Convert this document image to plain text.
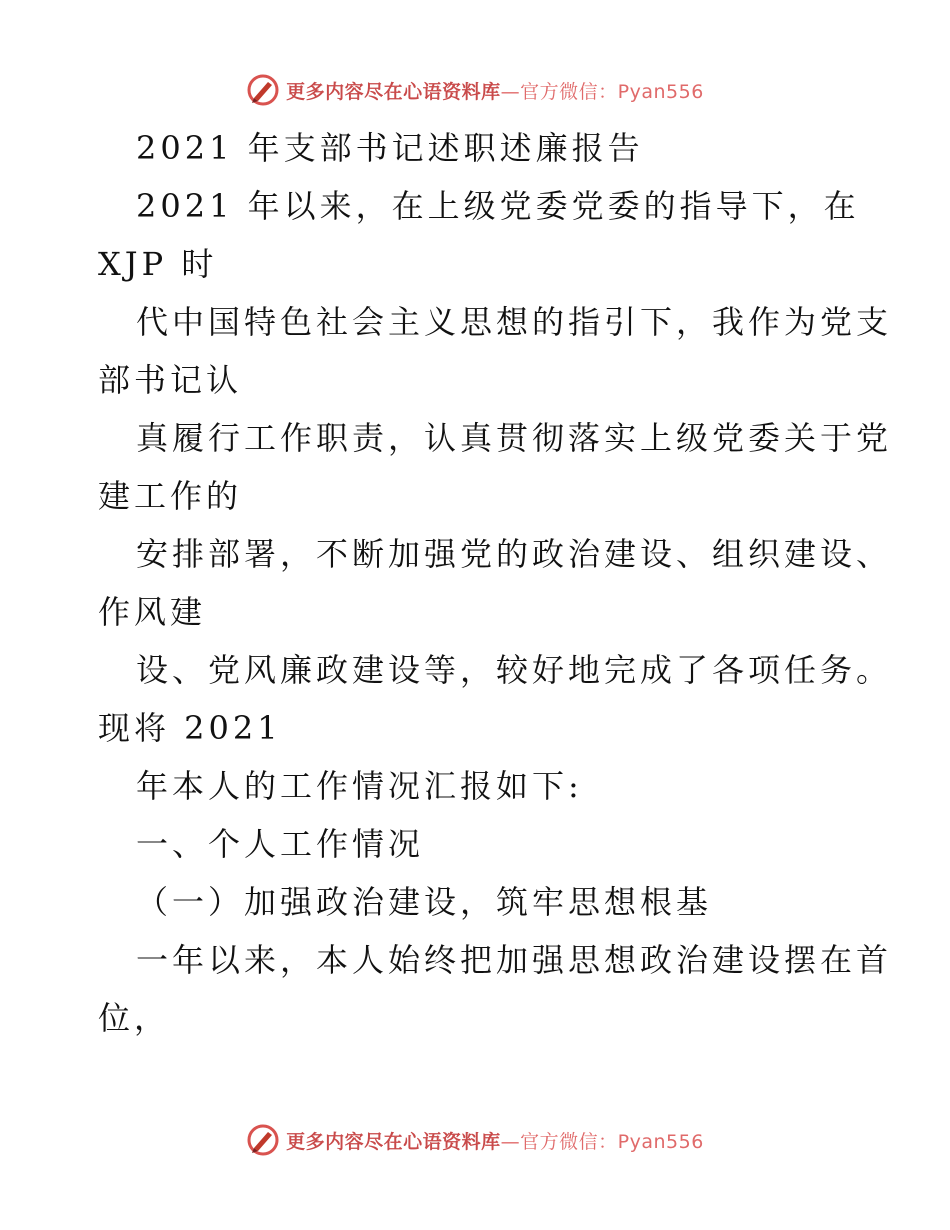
更多内容尽在心语资料库—官方微信：Pyan556
2021 年支部书记述职述廉报告
2021 年以来，在上级党委党委的指导下，在
XJP 时
代中国特色社会主义思想的指引下，我作为党支
部书记认
真履行工作职责，认真贯彻落实上级党委关于党
建工作的
安排部署，不断加强党的政治建设、组织建设、
作风建
设、党风廉政建设等，较好地完成了各项任务。
现将 2021
年本人的工作情况汇报如下:
一、个人工作情况
（一）加强政治建设，筑牢思想根基
一年以来，本人始终把加强思想政治建设摆在首
位，
更多内容尽在心语资料库—官方微信：Pyan556
